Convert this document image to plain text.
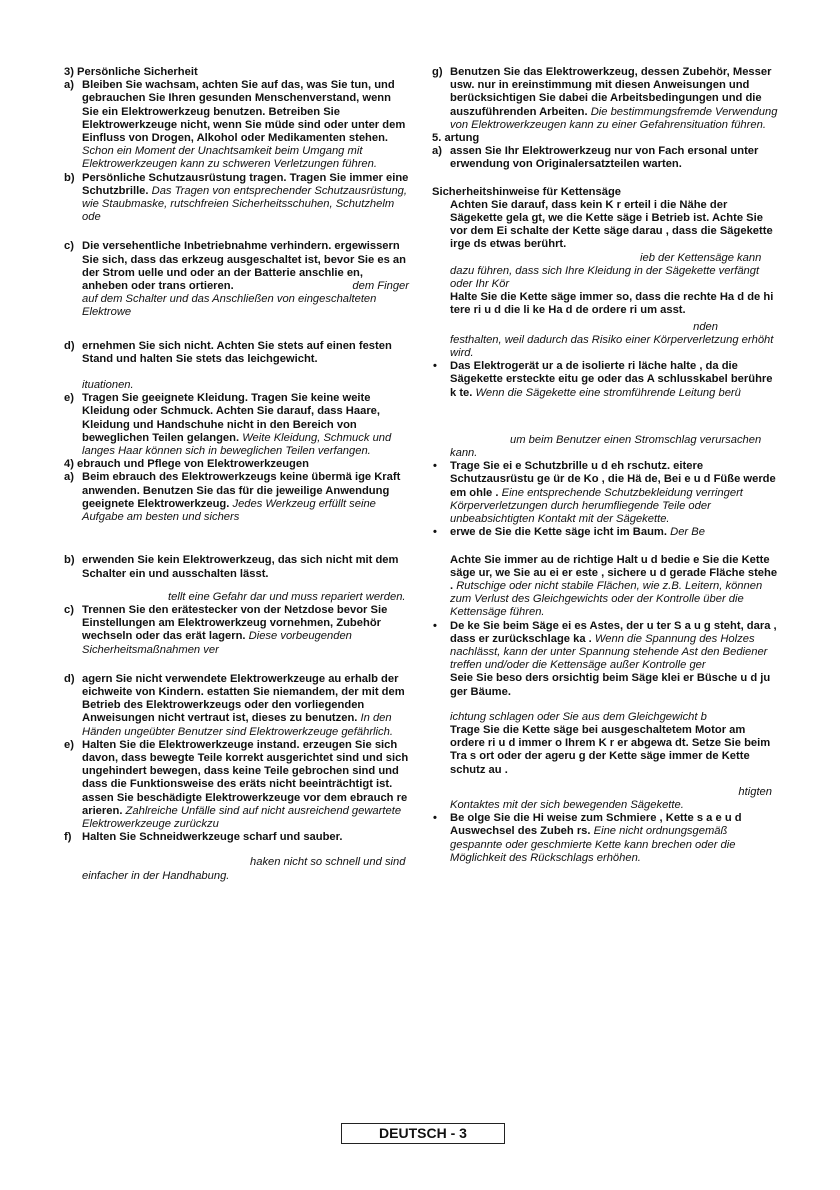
3) Persönliche Sicherheit
a) Bleiben Sie wachsam, achten Sie auf das, was Sie tun, und gebrauchen Sie Ihren gesunden Menschenverstand, wenn Sie ein Elektrowerkzeug benutzen. Betreiben Sie Elektrowerkzeuge nicht, wenn Sie müde sind oder unter dem Einfluss von Drogen, Alkohol oder Medikamenten stehen. Schon ein Moment der Unachtsamkeit beim Umgang mit Elektrowerkzeugen kann zu schweren Verletzungen führen.
b) Persönliche Schutzausrüstung tragen. Tragen Sie immer eine Schutzbrille. Das Tragen von entsprechender Schutzausrüstung, wie Staubmaske, rutschfreien Sicherheitsschuhen, Schutzhelm ode
c) Die versehentliche Inbetriebnahme verhindern. ergewissern Sie sich, dass das erkzeug ausgeschaltet ist, bevor Sie es an der Strom uelle und oder an der Batterie anschlie en, anheben oder trans ortieren.	dem Finger
auf dem Schalter und das Anschließen von eingeschalteten Elektrowe
d) ernehmen Sie sich nicht. Achten Sie stets auf einen festen Stand und halten Sie stets das leichgewicht.
ituationen.
e) Tragen Sie geeignete Kleidung. Tragen Sie keine weite Kleidung oder Schmuck. Achten Sie darauf, dass Haare, Kleidung und Handschuhe nicht in den Bereich von beweglichen Teilen gelangen. Weite Kleidung, Schmuck und langes Haar können sich in beweglichen Teilen verfangen.
4) ebrauch und Pflege von Elektrowerkzeugen
a) Beim ebrauch des Elektrowerkzeugs keine übermä ige Kraft anwenden. Benutzen Sie das für die jeweilige Anwendung geeignete Elektrowerkzeug. Jedes Werkzeug erfüllt seine Aufgabe am besten und sichers
b) erwenden Sie kein Elektrowerkzeug, das sich nicht mit dem Schalter ein und ausschalten lässt.
tellt eine Gefahr dar und muss repariert werden.
c) Trennen Sie den erätestecker von der Netzdose bevor Sie Einstellungen am Elektrowerkzeug vornehmen, Zubehör wechseln oder das erät lagern. Diese vorbeugenden Sicherheitsmaßnahmen ver
d) agern Sie nicht verwendete Elektrowerkzeuge au erhalb der eichweite von Kindern. estatten Sie niemandem, der mit dem Betrieb des Elektrowerkzeugs oder den vorliegenden Anweisungen nicht vertraut ist, dieses zu benutzen. In den Händen ungeübter Benutzer sind Elektrowerkzeuge gefährlich.
e) Halten Sie die Elektrowerkzeuge instand. erzeugen Sie sich davon, dass bewegte Teile korrekt ausgerichtet sind und sich ungehindert bewegen, dass keine Teile gebrochen sind und dass die Funktionsweise des eräts nicht beeinträchtigt ist. assen Sie beschädigte Elektrowerkzeuge vor dem ebrauch re arieren. Zahlreiche Unfälle sind auf nicht ausreichend gewartete Elektrowerkzeuge zurückzu
f) Halten Sie Schneidwerkzeuge scharf und sauber.
haken nicht so schnell und sind einfacher in der Handhabung.
g) Benutzen Sie das Elektrowerkzeug, dessen Zubehör, Messer usw. nur in ereinstimmung mit diesen Anweisungen und berücksichtigen Sie dabei die Arbeitsbedingungen und die auszuführenden Arbeiten. Die bestimmungsfremde Verwendung von Elektrowerkzeugen kann zu einer Gefahrensituation führen.
5. artung
a) assen Sie Ihr Elektrowerkzeug nur von Fach ersonal unter erwendung von Originalersatzteilen warten.
Sicherheitshinweise für Kettensäge
Achten Sie darauf, dass kein K r erteil i die Nähe der Sägekette gela gt, we die Kette säge i Betrieb ist. Achte Sie vor dem Ei schalte der Kette säge darau , dass die Sägekette irge ds etwas berührt.
ieb der Kettensäge kann dazu führen, dass sich Ihre Kleidung in der Sägekette verfängt oder Ihr Kör
Halte Sie die Kette säge immer so, dass die rechte Ha d de hi tere ri u d die li ke Ha d de ordere ri um asst.
nden
festhalten, weil dadurch das Risiko einer Körperverletzung erhöht wird.
• Das Elektrogerät ur a de isolierte ri läche halte , da die Sägekette ersteckte eitu ge oder das A schlusskabel berühre k te. Wenn die Sägekette eine stromführende Leitung berü
um beim Benutzer einen Stromschlag verursachen kann.
• Trage Sie ei e Schutzbrille u d eh rschutz. eitere Schutzausrüstu ge ür de Ko , die Hä de, Bei e u d Füße werde em ohle . Eine entsprechende Schutzbekleidung verringert Körperverletzungen durch herumfliegende Teile oder unbeabsichtigten Kontakt mit der Sägekette.
• erwe de Sie die Kette säge icht im Baum. Der Be
Achte Sie immer au de richtige Halt u d bedie e Sie die Kette säge ur, we Sie au ei er este , sichere u d gerade Fläche stehe . Rutschige oder nicht stabile Flächen, wie z.B. Leitern, können zum Verlust des Gleichgewichts oder der Kontrolle über die Kettensäge führen.
• De ke Sie beim Säge ei es Astes, der u ter S a u g steht, dara , dass er zurückschlage ka . Wenn die Spannung des Holzes nachlässt, kann der unter Spannung stehende Ast den Bediener treffen und/oder die Kettensäge außer Kontrolle ger
Seie Sie beso ders orsichtig beim Säge klei er Büsche u d ju ger Bäume.
ichtung schlagen oder Sie aus dem Gleichgewicht b
Trage Sie die Kette säge bei ausgeschaltetem Motor am ordere ri u d immer o Ihrem K r er abgewa dt. Setze Sie beim Tra s ort oder der ageru g der Kette säge immer de Kette schutz au .
htigten
Kontaktes mit der sich bewegenden Sägekette.
• Be olge Sie die Hi weise zum Schmiere , Kette s a e u d Auswechsel des Zubeh rs. Eine nicht ordnungsgemäß gespannte oder geschmierte Kette kann brechen oder die Möglichkeit des Rückschlags erhöhen.
DEUTSCH - 3
